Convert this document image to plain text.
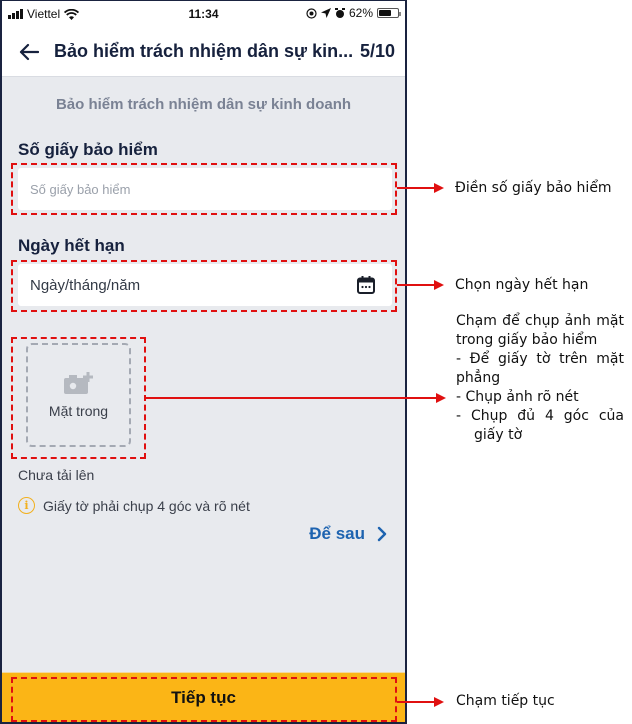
Viettel	11:34	62%
Bảo hiểm trách nhiệm dân sự kin... 5/10
Bảo hiểm trách nhiệm dân sự kinh doanh
Số giấy bảo hiểm
Số giấy bảo hiểm
Ngày hết hạn
Ngày/tháng/năm
Mặt trong
Chưa tải lên
i	Giấy tờ phải chụp 4 góc và rõ nét
Để sau
Tiếp tục
Điền số giấy bảo hiểm
Chọn ngày hết hạn
Chạm để chụp ảnh mặt trong giấy bảo hiểm
- Để giấy tờ trên mặt phẳng
- Chụp ảnh rõ nét
- Chụp đủ 4 góc của giấy tờ
Chạm tiếp tục
